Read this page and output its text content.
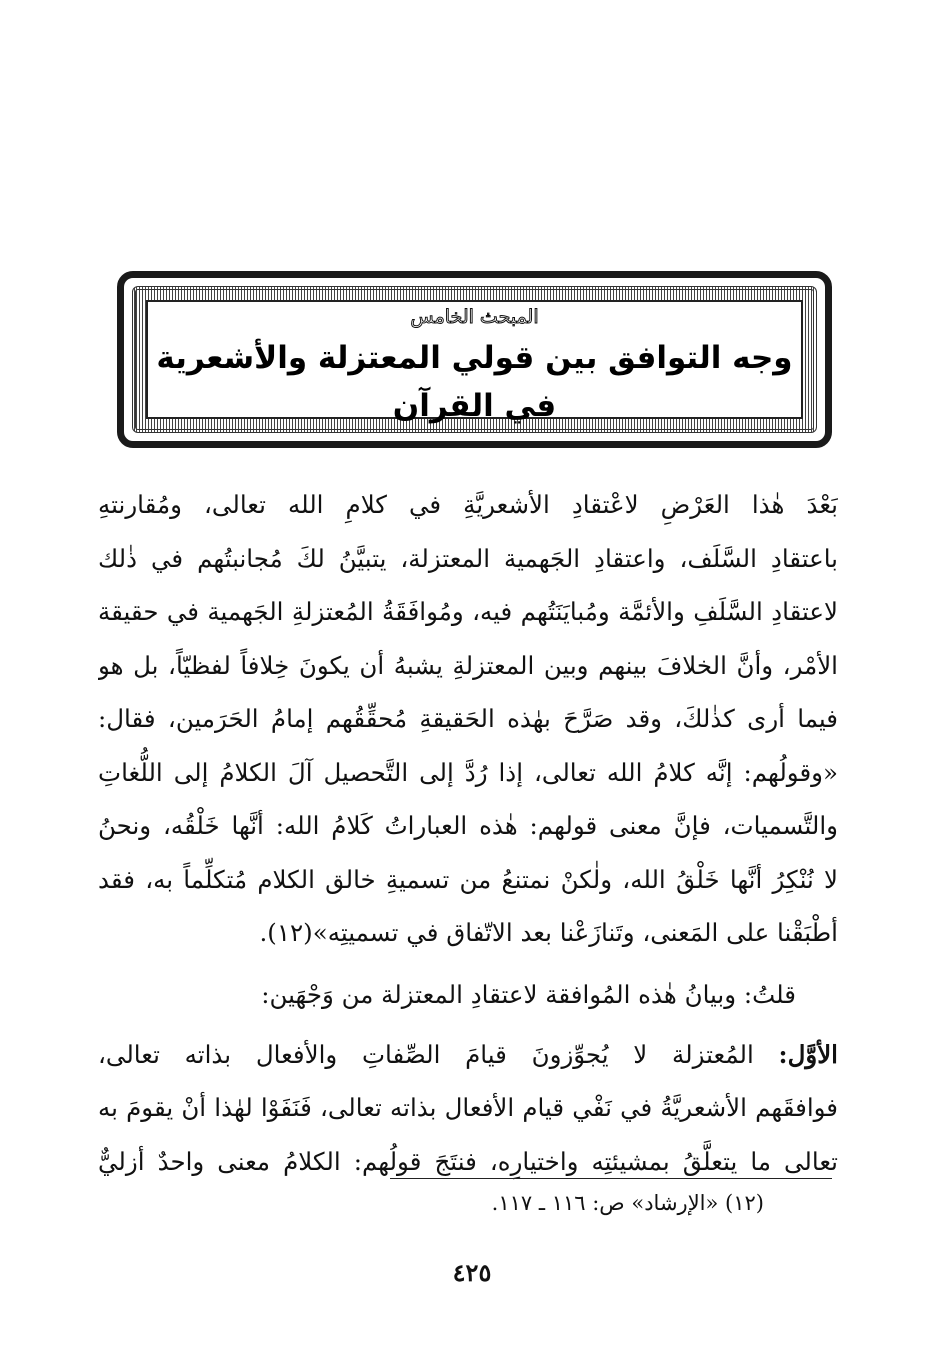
المبحث الخامس
وجه التوافق بين قولي المعتزلة والأشعرية
في القرآن
بَعْدَ هٰذا العَرْضِ لاعْتقادِ الأشعريَّةِ في كلامِ الله تعالى، ومُقارنتهِ
باعتقادِ السَّلَف، واعتقادِ الجَهمية المعتزلة، يتبيَّنُ لكَ مُجانبتُهم في ذٰلك
لاعتقادِ السَّلَفِ والأئمَّة ومُبايَنَتُهم فيه، ومُوافَقَةُ المُعتزلةِ الجَهمية في حقيقة
الأمْر، وأنَّ الخلافَ بينهم وبين المعتزلةِ يشبهُ أن يكونَ خِلافاً لفظيّاً، بل هو
فيما أرى كذٰلكَ، وقد صَرَّحَ بهٰذه الحَقيقةِ مُحقِّقُهم إمامُ الحَرَمين، فقال:
«وقولُهم: إنَّه كلامُ الله تعالى، إذا رُدَّ إلى التَّحصيل آلَ الكلامُ إلى اللُّغاتِ
والتَّسميات، فإنَّ معنى قولهم: هٰذه العباراتُ كَلامُ الله: أنَّها خَلْقُه، ونحنُ
لا نُنْكِرُ أنَّها خَلْقُ الله، ولٰكنْ نمتنعُ من تسميةِ خالق الكلام مُتكلِّماً به، فقد
أطْبَقْنا على المَعنى، وتَنازَعْنا بعد الاتّفاق في تسميتِه»(١٢).
قلتُ: وبيانُ هٰذه المُوافقة لاعتقادِ المعتزلة من وَجْهَين:
الأوَّل: المُعتزلة لا يُجوِّزونَ قيامَ الصِّفاتِ والأفعال بذاته تعالى،
فوافقَهم الأشعريَّةُ في نَفْي قيام الأفعال بذاته تعالى، فَنَفَوْا لهٰذا أنْ يقومَ به
تعالى ما يتعلَّقُ بمشيئتِه واختيارِه، فنتَجَ قولُهم: الكلامُ معنى واحدٌ أزليٌّ
(١٢) «الإرشاد» ص: ١١٦ ـ ١١٧.
٤٢٥
